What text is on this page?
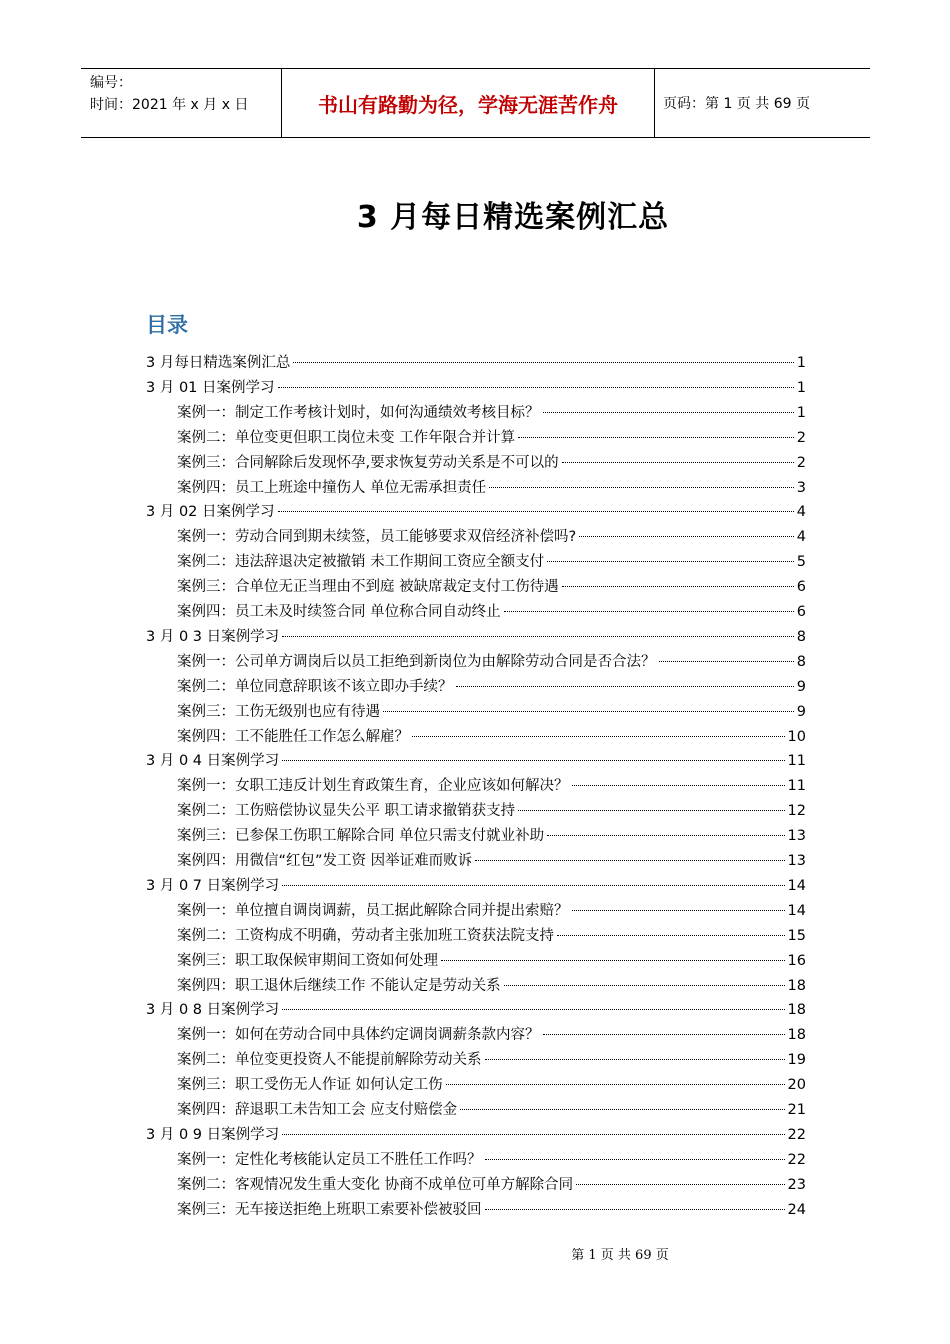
编号：
时间：2021 年 x 月 x 日	书山有路勤为径，学海无涯苦作舟	页码：第 1 页 共 69 页
3 月每日精选案例汇总
目录
3 月每日精选案例汇总	1
3 月 01 日案例学习	1
案例一：制定工作考核计划时，如何沟通绩效考核目标？	1
案例二：单位变更但职工岗位未变 工作年限合并计算	2
案例三：合同解除后发现怀孕,要求恢复劳动关系是不可以的	2
案例四：员工上班途中撞伤人 单位无需承担责任	3
3 月 02 日案例学习	4
案例一：劳动合同到期未续签，员工能够要求双倍经济补偿吗?	4
案例二：违法辞退决定被撤销 未工作期间工资应全额支付	5
案例三：合单位无正当理由不到庭 被缺席裁定支付工伤待遇	6
案例四：员工未及时续签合同 单位称合同自动终止	6
3 月 0 3 日案例学习	8
案例一：公司单方调岗后以员工拒绝到新岗位为由解除劳动合同是否合法？	8
案例二：单位同意辞职该不该立即办手续？	9
案例三：工伤无级别也应有待遇	9
案例四：工不能胜任工作怎么解雇？	10
3 月 0 4 日案例学习	11
案例一：女职工违反计划生育政策生育，企业应该如何解决？	11
案例二：工伤赔偿协议显失公平 职工请求撤销获支持	12
案例三：已参保工伤职工解除合同 单位只需支付就业补助	13
案例四：用微信“红包”发工资 因举证难而败诉	13
3 月 0 7 日案例学习	14
案例一：单位擅自调岗调薪，员工据此解除合同并提出索赔？	14
案例二：工资构成不明确，劳动者主张加班工资获法院支持	15
案例三：职工取保候审期间工资如何处理	16
案例四：职工退休后继续工作 不能认定是劳动关系	18
3 月 0 8 日案例学习	18
案例一：如何在劳动合同中具体约定调岗调薪条款内容？	18
案例二：单位变更投资人不能提前解除劳动关系	19
案例三：职工受伤无人作证 如何认定工伤	20
案例四：辞退职工未告知工会 应支付赔偿金	21
3 月 0 9 日案例学习	22
案例一：定性化考核能认定员工不胜任工作吗？	22
案例二：客观情况发生重大变化 协商不成单位可单方解除合同	23
案例三：无车接送拒绝上班职工索要补偿被驳回	24
第 1 页 共 69 页
